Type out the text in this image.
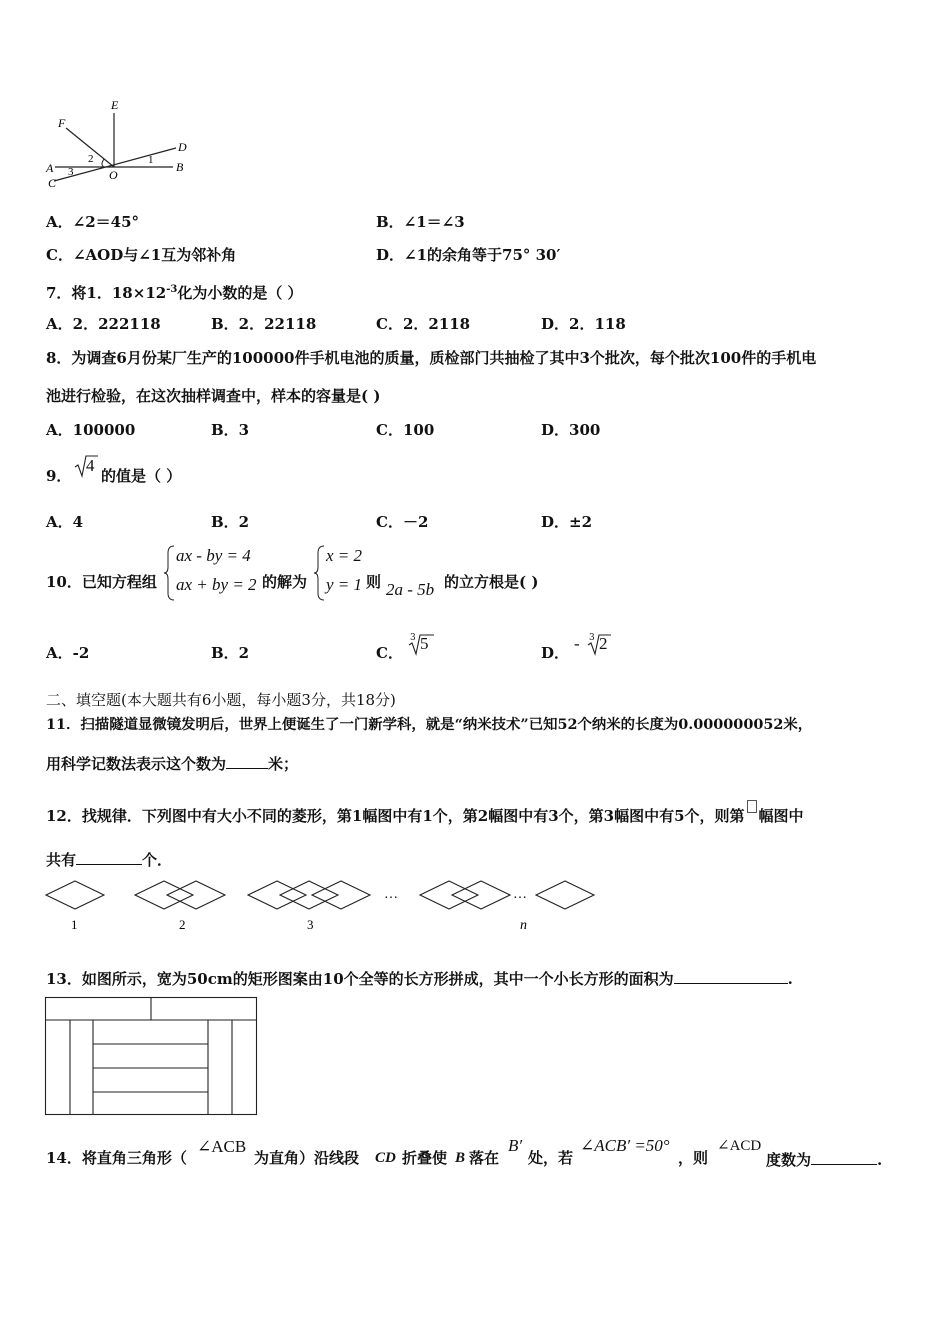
E
F
D
A	B
C
O
1
2
3
A．∠2＝45°	B．∠1＝∠3
C．∠AOD与∠1互为邻补角	D．∠1的余角等于75° 30′
7．将1．$18\times 12^{-3}$化为小数的是（ ）
A．2．222118	B．2．22118	C．2．2118	D．2．118
8．为调查6月份某厂生产的100000件手机电池的质量，质检部门共抽检了其中3个批次，每个批次100件的手机电
池进行检验，在这次抽样调查中，样本的容量是( )
A．100000	B．3	C．100	D．300
9．
4
的值是（ ）
A．4	B．2	C．－2	D．±2
10．已知方程组
ax - by = 4
ax + by = 2 的解为
x = 2
y = 1 则 2a - 5b 的立方根是( )
A．-2	B．2	C．
3 5	D． - 3 2
二、填空题(本大题共有6小题，每小题3分，共18分)
11．扫描隧道显微镜发明后，世界上便诞生了一门新学科，就是“纳米技术”已知52个纳米的长度为0.000000052米，
用科学记数法表示这个数为	米；
12．找规律．下列图中有大小不同的菱形，第1幅图中有1个，第2幅图中有3个，第3幅图中有5个，则第 幅图中
共有	个．
…	…
1	2	3	n
13．如图所示，宽为50cm的矩形图案由10个全等的长方形拼成，其中一个小长方形的面积为	.
14．将直角三角形（
∠ACB
为直角）沿线段 CD 折叠使 B 落在
B′
处，若
∠ACB′ =50°
，则
∠ACD
度数为	.
